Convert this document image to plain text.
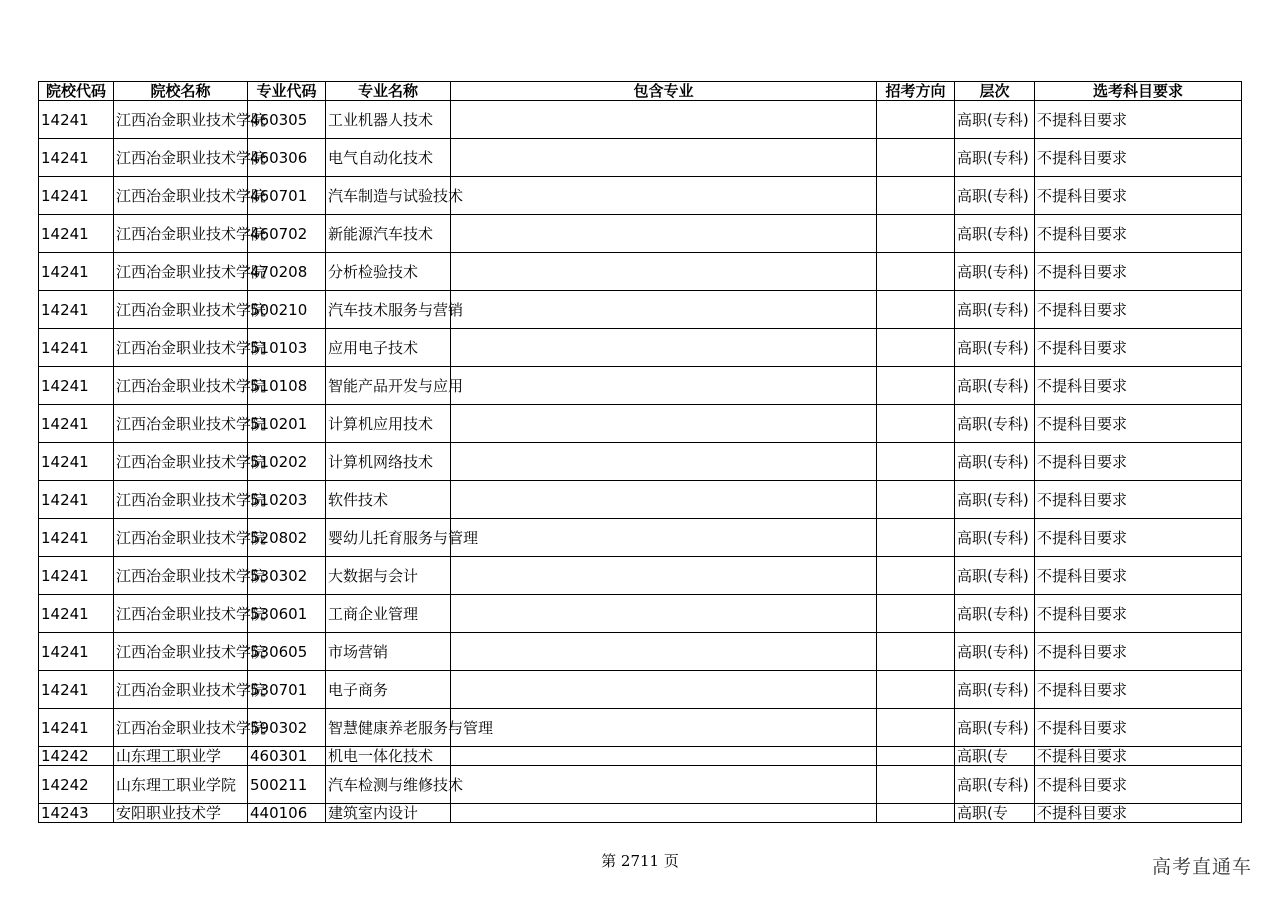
院校代码	院校名称	专业代码	专业名称	包含专业	招考方向	层次	选考科目要求
14241	江西冶金职业技术学院	460305	工业机器人技术			高职(专科)	不提科目要求
14241	江西冶金职业技术学院	460306	电气自动化技术			高职(专科)	不提科目要求
14241	江西冶金职业技术学院	460701	汽车制造与试验技术			高职(专科)	不提科目要求
14241	江西冶金职业技术学院	460702	新能源汽车技术			高职(专科)	不提科目要求
14241	江西冶金职业技术学院	470208	分析检验技术			高职(专科)	不提科目要求
14241	江西冶金职业技术学院	500210	汽车技术服务与营销			高职(专科)	不提科目要求
14241	江西冶金职业技术学院	510103	应用电子技术			高职(专科)	不提科目要求
14241	江西冶金职业技术学院	510108	智能产品开发与应用			高职(专科)	不提科目要求
14241	江西冶金职业技术学院	510201	计算机应用技术			高职(专科)	不提科目要求
14241	江西冶金职业技术学院	510202	计算机网络技术			高职(专科)	不提科目要求
14241	江西冶金职业技术学院	510203	软件技术			高职(专科)	不提科目要求
14241	江西冶金职业技术学院	520802	婴幼儿托育服务与管理			高职(专科)	不提科目要求
14241	江西冶金职业技术学院	530302	大数据与会计			高职(专科)	不提科目要求
14241	江西冶金职业技术学院	530601	工商企业管理			高职(专科)	不提科目要求
14241	江西冶金职业技术学院	530605	市场营销			高职(专科)	不提科目要求
14241	江西冶金职业技术学院	530701	电子商务			高职(专科)	不提科目要求
14241	江西冶金职业技术学院	590302	智慧健康养老服务与管理			高职(专科)	不提科目要求
14242	山东理工职业学	460301	机电一体化技术			高职(专	不提科目要求
14242	山东理工职业学院	500211	汽车检测与维修技术			高职(专科)	不提科目要求
14243	安阳职业技术学	440106	建筑室内设计			高职(专	不提科目要求
第 2711 页	高考直通车
